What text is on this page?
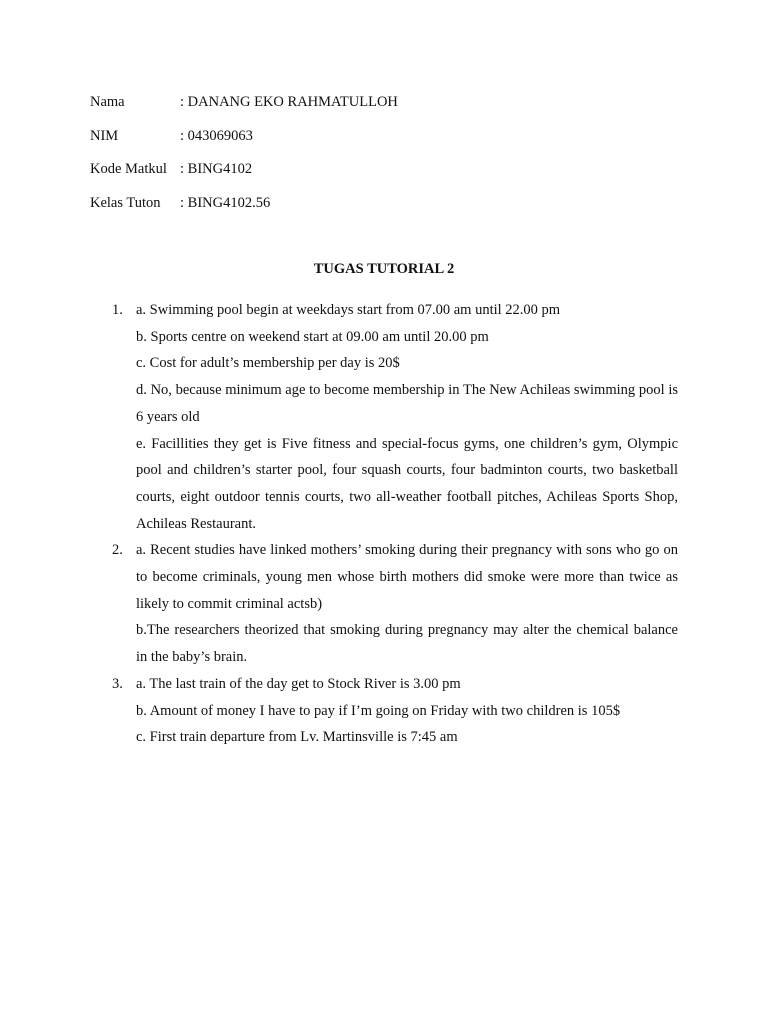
Nama	: DANANG EKO RAHMATULLOH
NIM	: 043069063
Kode Matkul : BING4102
Kelas Tuton	: BING4102.56
TUGAS TUTORIAL 2
1. a. Swimming pool begin at weekdays start from 07.00 am until 22.00 pm

b. Sports centre on weekend start at 09.00 am until 20.00 pm

c. Cost for adult’s membership per day is 20$

d. No, because minimum age to become membership in The New Achileas swimming pool is 6 years old

e. Facillities they get is Five fitness and special-focus gyms, one children’s gym, Olympic pool and children’s starter pool, four squash courts, four badminton courts, two basketball courts, eight outdoor tennis courts, two all-weather football pitches, Achileas Sports Shop, Achileas Restaurant.

2. a. Recent studies have linked mothers’ smoking during their pregnancy with sons who go on to become criminals, young men whose birth mothers did smoke were more than twice as likely to commit criminal actsb)

b.The researchers theorized that smoking during pregnancy may alter the chemical balance in the baby’s brain.

3. a. The last train of the day get to Stock River is 3.00 pm

b. Amount of money I have to pay if I’m going on Friday with two children is 105$

c. First train departure from Lv. Martinsville is 7:45 am
